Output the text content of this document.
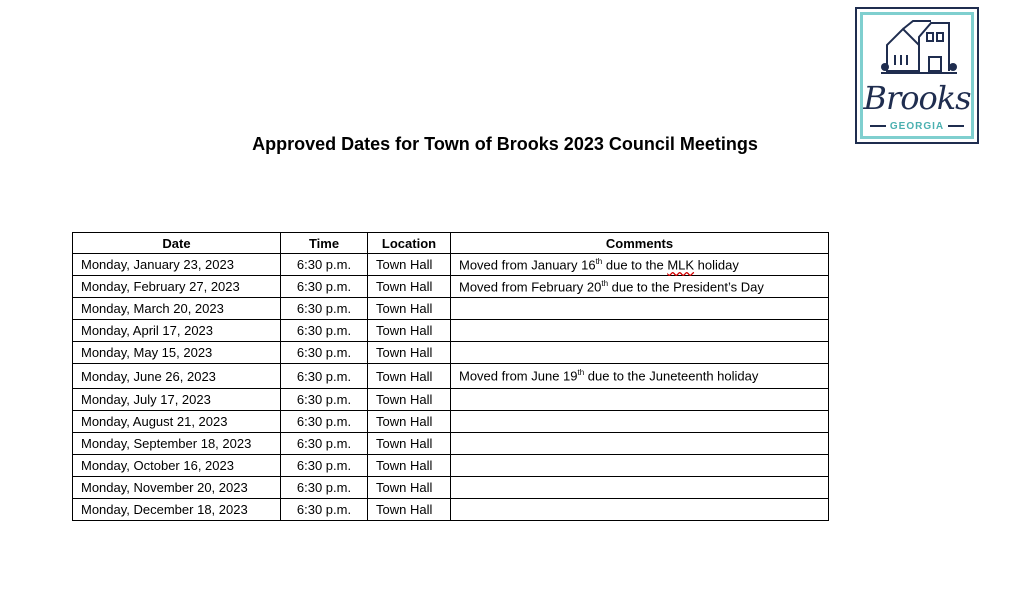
Brooks
GEORGIA
Approved Dates for Town of Brooks 2023 Council Meetings
Date	Time	Location	Comments
Monday, January 23, 2023	6:30 p.m.	Town Hall	Moved from January 16th due to the MLK holiday
Monday, February 27, 2023	6:30 p.m.	Town Hall	Moved from February 20th due to the President’s Day
Monday, March 20, 2023	6:30 p.m.	Town Hall	
Monday, April 17, 2023	6:30 p.m.	Town Hall	
Monday, May 15, 2023	6:30 p.m.	Town Hall	
Monday, June 26, 2023	6:30 p.m.	Town Hall	Moved from June 19th due to the Juneteenth holiday
Monday, July 17, 2023	6:30 p.m.	Town Hall	
Monday, August 21, 2023	6:30 p.m.	Town Hall	
Monday, September 18, 2023	6:30 p.m.	Town Hall	
Monday, October 16, 2023	6:30 p.m.	Town Hall	
Monday, November 20, 2023	6:30 p.m.	Town Hall	
Monday, December 18, 2023	6:30 p.m.	Town Hall	
